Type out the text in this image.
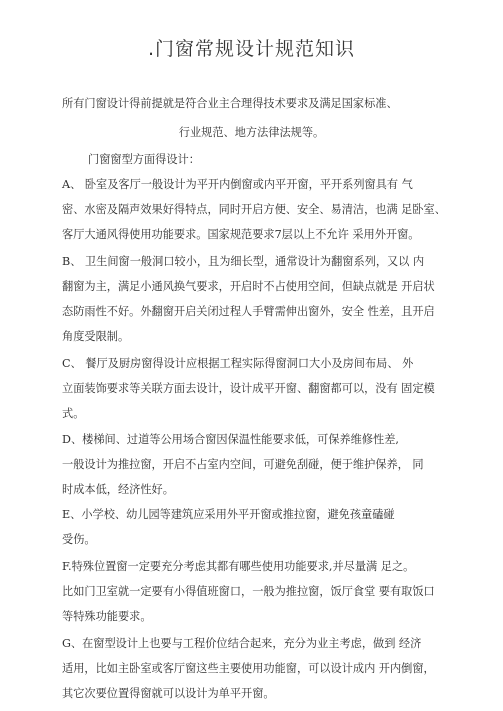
.门窗常规设计规范知识
所有门窗设计得前提就是符合业主合理得技术要求及满足国家标准、
行业规范、地方法律法规等。
门窗窗型方面得设计：
A、 卧室及客厅一般设计为平开内倒窗或内平开窗，平开系列窗具有 气
密、水密及隔声效果好得特点，同时开启方便、安全、易清洁，也满 足卧室、
客厅大通风得使用功能要求。国家规范要求7层以上不允许 采用外开窗。
B、 卫生间窗一般洞口较小，且为细长型，通常设计为翻窗系列，又以 内
翻窗为主，满足小通风换气要求，开启时不占使用空间，但缺点就是 开启状
态防雨性不好。外翻窗开启关闭过程人手臂需伸出窗外，安全 性差，且开启
角度受限制。
C、 餐厅及厨房窗得设计应根据工程实际得窗洞口大小及房间布局、 外
立面装饰要求等关联方面去设计，设计成平开窗、翻窗都可以，没有 固定模
式。
D、楼梯间、过道等公用场合窗因保温性能要求低，可保养维修性差,
一般设计为推拉窗，开启不占室内空间，可避免刮碰，便于维护保养， 同
时成本低，经济性好。
E、小学校、幼儿园等建筑应采用外平开窗或推拉窗，避免孩童磕碰
受伤。
F.特殊位置窗一定要充分考虑其都有哪些使用功能要求,并尽量满 足之。
比如门卫室就一定要有小得值班窗口，一般为推拉窗，饭厅食堂 要有取饭口
等特殊功能要求。
G、在窗型设计上也要与工程价位结合起来，充分为业主考虑，做到 经济
适用，比如主卧室或客厅窗这些主要使用功能窗，可以设计成内 开内倒窗，
其它次要位置得窗就可以设计为单平开窗。
